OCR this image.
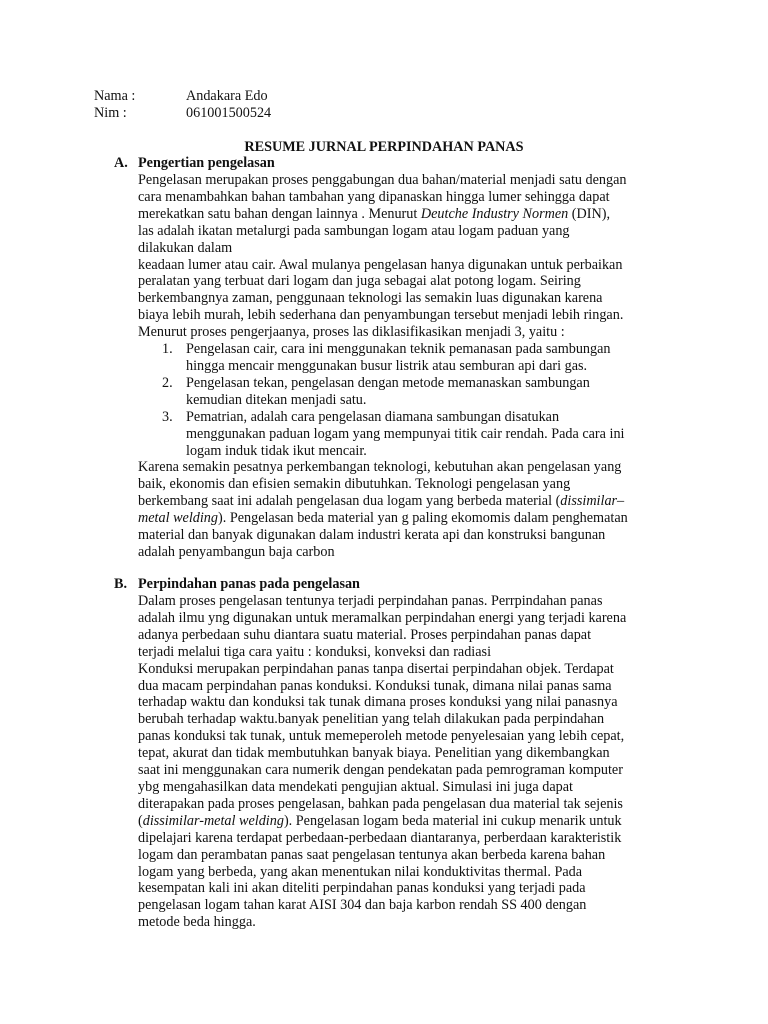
Nama :	Andakara Edo
Nim :	061001500524
RESUME JURNAL PERPINDAHAN PANAS
A. Pengertian pengelasan

Pengelasan merupakan proses penggabungan dua bahan/material menjadi satu dengan

cara menambahkan bahan tambahan yang dipanaskan hingga lumer sehingga dapat

merekatkan satu bahan dengan lainnya . Menurut Deutche Industry Normen (DIN),

las adalah ikatan metalurgi pada sambungan logam atau logam paduan yang

dilakukan dalam

keadaan lumer atau cair. Awal mulanya pengelasan hanya digunakan untuk perbaikan

peralatan yang terbuat dari logam dan juga sebagai alat potong logam. Seiring

berkembangnya zaman, penggunaan teknologi las semakin luas digunakan karena

biaya lebih murah, lebih sederhana dan penyambungan tersebut menjadi lebih ringan.

Menurut proses pengerjaanya, proses las diklasifikasikan menjadi 3, yaitu :

1. Pengelasan cair, cara ini menggunakan teknik pemanasan pada sambungan
hingga mencair menggunakan busur listrik atau semburan api dari gas.
2. Pengelasan tekan, pengelasan dengan metode memanaskan sambungan
kemudian ditekan menjadi satu.
3. Pematrian, adalah cara pengelasan diamana sambungan disatukan
menggunakan paduan logam yang mempunyai titik cair rendah. Pada cara ini
logam induk tidak ikut mencair.

Karena semakin pesatnya perkembangan teknologi, kebutuhan akan pengelasan yang

baik, ekonomis dan efisien semakin dibutuhkan. Teknologi pengelasan yang

berkembang saat ini adalah pengelasan dua logam yang berbeda material (dissimilar–

metal welding). Pengelasan beda material yan g paling ekomomis dalam penghematan

material dan banyak digunakan dalam industri kerata api dan konstruksi bangunan

adalah penyambangun baja carbon

B. Perpindahan panas pada pengelasan

Dalam proses pengelasan tentunya terjadi perpindahan panas. Perrpindahan panas

adalah ilmu yng digunakan untuk meramalkan perpindahan energi yang terjadi karena

adanya perbedaan suhu diantara suatu material. Proses perpindahan panas dapat

terjadi melalui tiga cara yaitu : konduksi, konveksi dan radiasi

Konduksi merupakan perpindahan panas tanpa disertai perpindahan objek. Terdapat

dua macam perpindahan panas konduksi. Konduksi tunak, dimana nilai panas sama

terhadap waktu dan konduksi tak tunak dimana proses konduksi yang nilai panasnya

berubah terhadap waktu.banyak penelitian yang telah dilakukan pada perpindahan

panas konduksi tak tunak, untuk memeperoleh metode penyelesaian yang lebih cepat,

tepat, akurat dan tidak membutuhkan banyak biaya. Penelitian yang dikembangkan

saat ini menggunakan cara numerik dengan pendekatan pada pemrograman komputer

ybg mengahasilkan data mendekati pengujian aktual. Simulasi ini juga dapat

diterapakan pada proses pengelasan, bahkan pada pengelasan dua material tak sejenis

(dissimilar-metal welding). Pengelasan logam beda material ini cukup menarik untuk

dipelajari karena terdapat perbedaan-perbedaan diantaranya, perberdaan karakteristik

logam dan perambatan panas saat pengelasan tentunya akan berbeda karena bahan

logam yang berbeda, yang akan menentukan nilai konduktivitas thermal. Pada

kesempatan kali ini akan diteliti perpindahan panas konduksi yang terjadi pada

pengelasan logam tahan karat AISI 304 dan baja karbon rendah SS 400 dengan

metode beda hingga.
